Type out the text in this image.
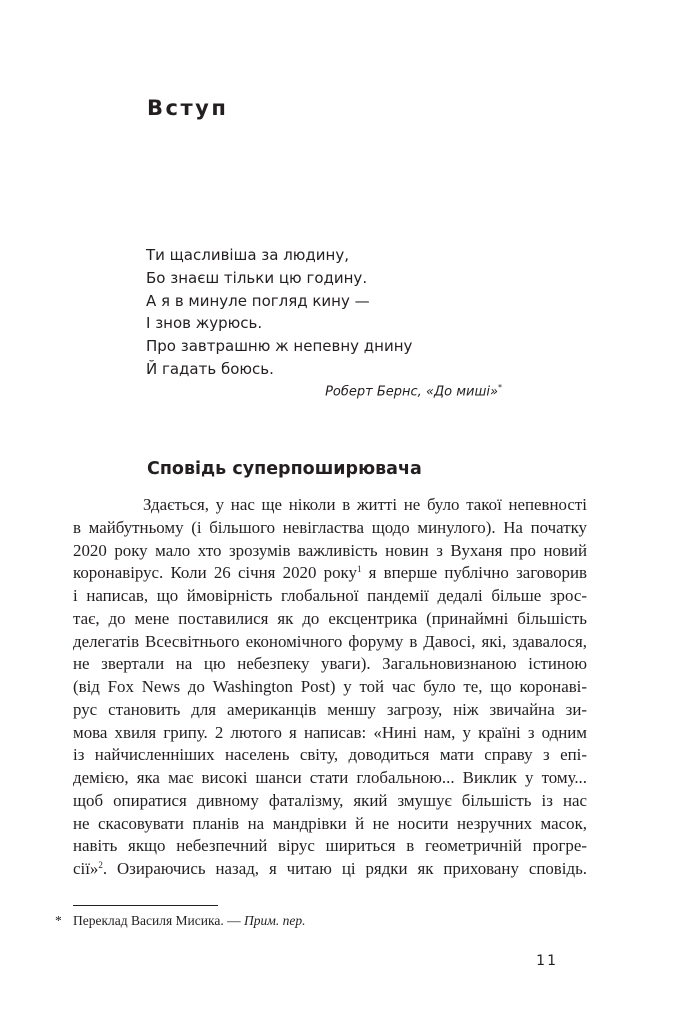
Вступ
Ти щасливіша за людину,
Бо знаєш тільки цю годину.
А я в минуле погляд кину —
І знов журюсь.
Про завтрашню ж непевну днину
Й гадать боюсь.
Роберт Бернс, «До миші»*
Сповідь суперпоширювача
Здається, у нас ще ніколи в житті не було такої непевності
в майбутньому (і більшого невігластва щодо минулого). На початку
2020 року мало хто зрозумів важливість новин з Вуханя про новий
коронавірус. Коли 26 січня 2020 року$^1$ я вперше публічно заговорив
і написав, що ймовірність глобальної пандемії дедалі більше зрос-
тає, до мене поставилися як до ексцентрика (принаймні більшість
делегатів Всесвітнього економічного форуму в Давосі, які, здавалося,
не звертали на цю небезпеку уваги). Загальновизнаною істиною
(від Fox News до Washington Post) у той час було те, що коронаві-
рус становить для американців меншу загрозу, ніж звичайна зи-
мова хвиля грипу. 2 лютого я написав: «Нині нам, у країні з одним
із найчисленніших населень світу, доводиться мати справу з епі-
демією, яка має високі шанси стати глобальною... Виклик у тому...
щоб опиратися дивному фаталізму, який змушує більшість із нас
не скасовувати планів на мандрівки й не носити незручних масок,
навіть якщо небезпечний вірус шириться в геометричній прогре-
сії»$^2$. Озираючись назад, я читаю ці рядки як приховану сповідь.
* Переклад Василя Мисика. — Прим. пер.
11
